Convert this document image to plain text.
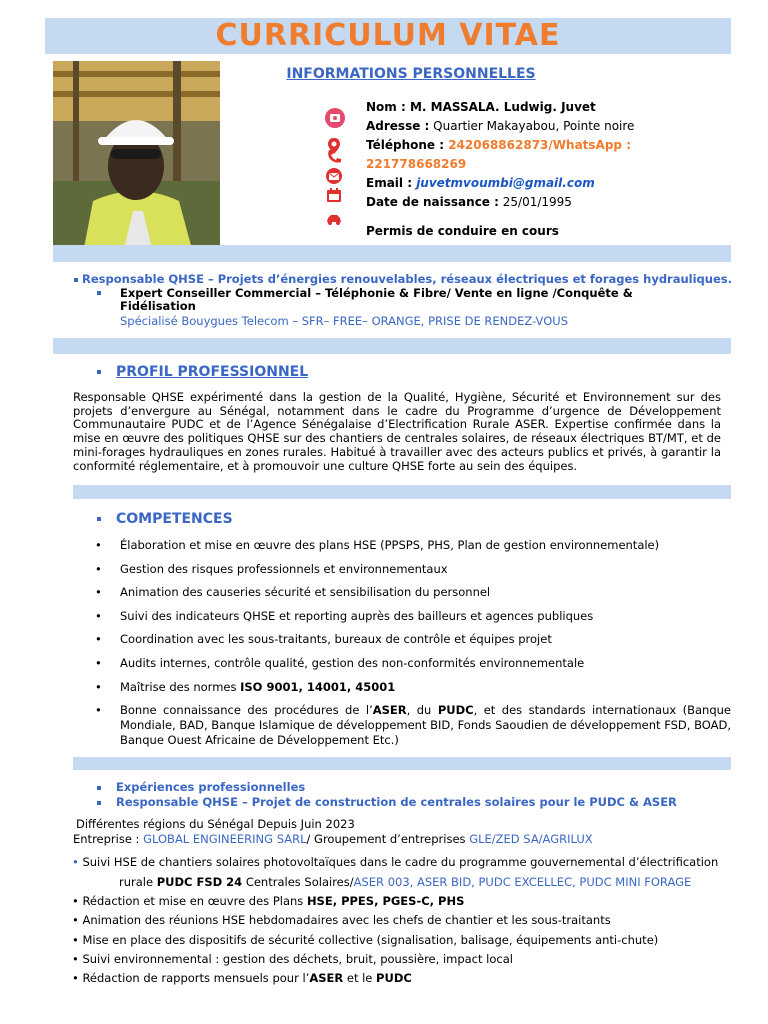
CURRICULUM VITAE
INFORMATIONS PERSONNELLES
Nom : M. MASSALA. Ludwig. Juvet
Adresse : Quartier Makayabou, Pointe noire
Téléphone : 242068862873/WhatsApp :
221778668269
Email : juvetmvoumbi@gmail.com
Date de naissance : 25/01/1995
Permis de conduire en cours
Responsable QHSE – Projets d’énergies renouvelables, réseaux électriques et forages hydrauliques.
Expert Conseiller Commercial – Téléphonie & Fibre/ Vente en ligne /Conquête &
Fidélisation
Spécialisé Bouygues Telecom – SFR– FREE– ORANGE, PRISE DE RENDEZ-VOUS
PROFIL PROFESSIONNEL
Responsable QHSE expérimenté dans la gestion de la Qualité, Hygiène, Sécurité et Environnement sur des projets d’envergure au Sénégal, notamment dans le cadre du Programme d’urgence de Développement Communautaire PUDC et de l’Agence Sénégalaise d’Electrification Rurale ASER. Expertise confirmée dans la mise en œuvre des politiques QHSE sur des chantiers de centrales solaires, de réseaux électriques BT/MT, et de mini-forages hydrauliques en zones rurales. Habitué à travailler avec des acteurs publics et privés, à garantir la conformité réglementaire, et à promouvoir une culture QHSE forte au sein des équipes.
COMPETENCES
• Élaboration et mise en œuvre des plans HSE (PPSPS, PHS, Plan de gestion environnementale)
• Gestion des risques professionnels et environnementaux
• Animation des causeries sécurité et sensibilisation du personnel
• Suivi des indicateurs QHSE et reporting auprès des bailleurs et agences publiques
• Coordination avec les sous-traitants, bureaux de contrôle et équipes projet
• Audits internes, contrôle qualité, gestion des non-conformités environnementale
• Maîtrise des normes ISO 9001, 14001, 45001
• Bonne connaissance des procédures de l’ASER, du PUDC, et des standards internationaux (Banque Mondiale, BAD, Banque Islamique de développement BID, Fonds Saoudien de développement FSD, BOAD, Banque Ouest Africaine de Développement Etc.)
Expériences professionnelles
Responsable QHSE – Projet de construction de centrales solaires pour le PUDC & ASER
Différentes régions du Sénégal Depuis Juin 2023
Entreprise : GLOBAL ENGINEERING SARL/ Groupement d’entreprises GLE/ZED SA/AGRILUX
• Suivi HSE de chantiers solaires photovoltaïques dans le cadre du programme gouvernemental d’électrification
rurale PUDC FSD 24 Centrales Solaires/ASER 003, ASER BID, PUDC EXCELLEC, PUDC MINI FORAGE
• Rédaction et mise en œuvre des Plans HSE, PPES, PGES-C, PHS
• Animation des réunions HSE hebdomadaires avec les chefs de chantier et les sous-traitants
• Mise en place des dispositifs de sécurité collective (signalisation, balisage, équipements anti-chute)
• Suivi environnemental : gestion des déchets, bruit, poussière, impact local
• Rédaction de rapports mensuels pour l’ASER et le PUDC
